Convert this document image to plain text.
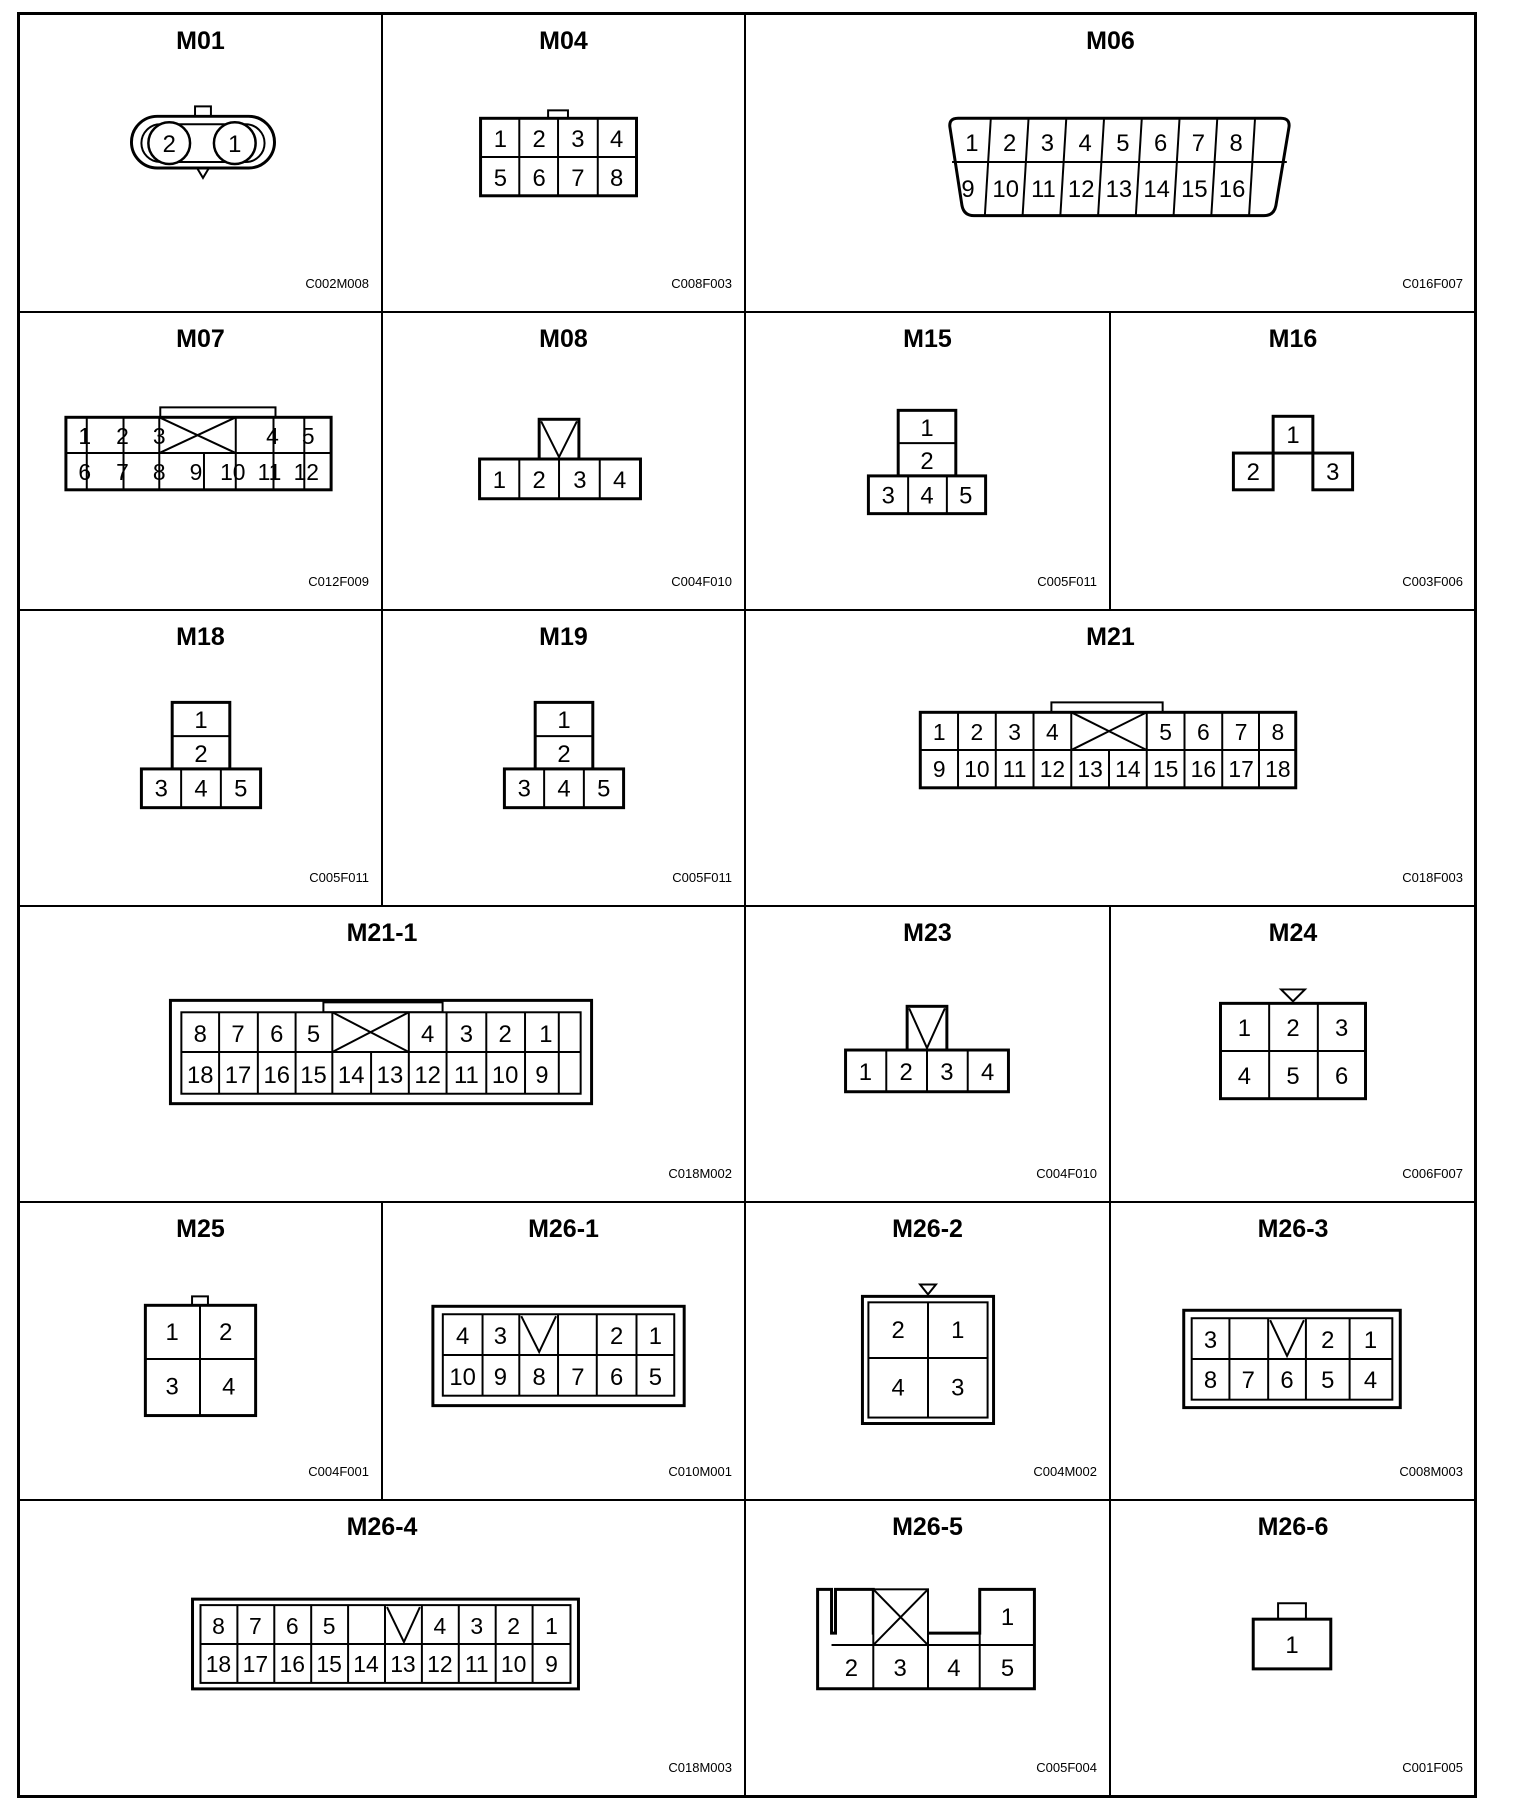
M01
2 1
C002M008
M04
1 2 3 4
5 6 7 8
C008F003
M06
1 2 3 4 5 6 7 8
9 10 11 12 13 14 15 16
C016F007
M07
1 2 3	4 5
6 7 8 9 10 11 12
C012F009
M08
1 2 3 4
C004F010
M15
1
2
3 4 5
C005F011
M16
1
2	3
C003F006
M18
1
2
3 4 5
C005F011
M19
1
2
3 4 5
C005F011
M21
1 2 3 4	5 6 7 8
9 10 11 12 13 14 15 16 17 18
C018F003
M21-1
8 7 6 5	4 3 2 1
18 17 16 15 14 13 12 11 10 9
C018M002
M23
1 2 3 4
C004F010
M24
1 2 3
4 5 6
C006F007
M25
1 2
3 4
C004F001
M26-1
4 3	2 1
10 9 8 7 6 5
C010M001
M26-2
2 1
4 3
C004M002
M26-3
3	2 1
8 7 6 5 4
C008M003
M26-4
8 7 6 5	4 3 2 1
18 17 16 15 14 13 12 11 10 9
C018M003
M26-5
1
2 3 4 5
C005F004
M26-6
1
C001F005
